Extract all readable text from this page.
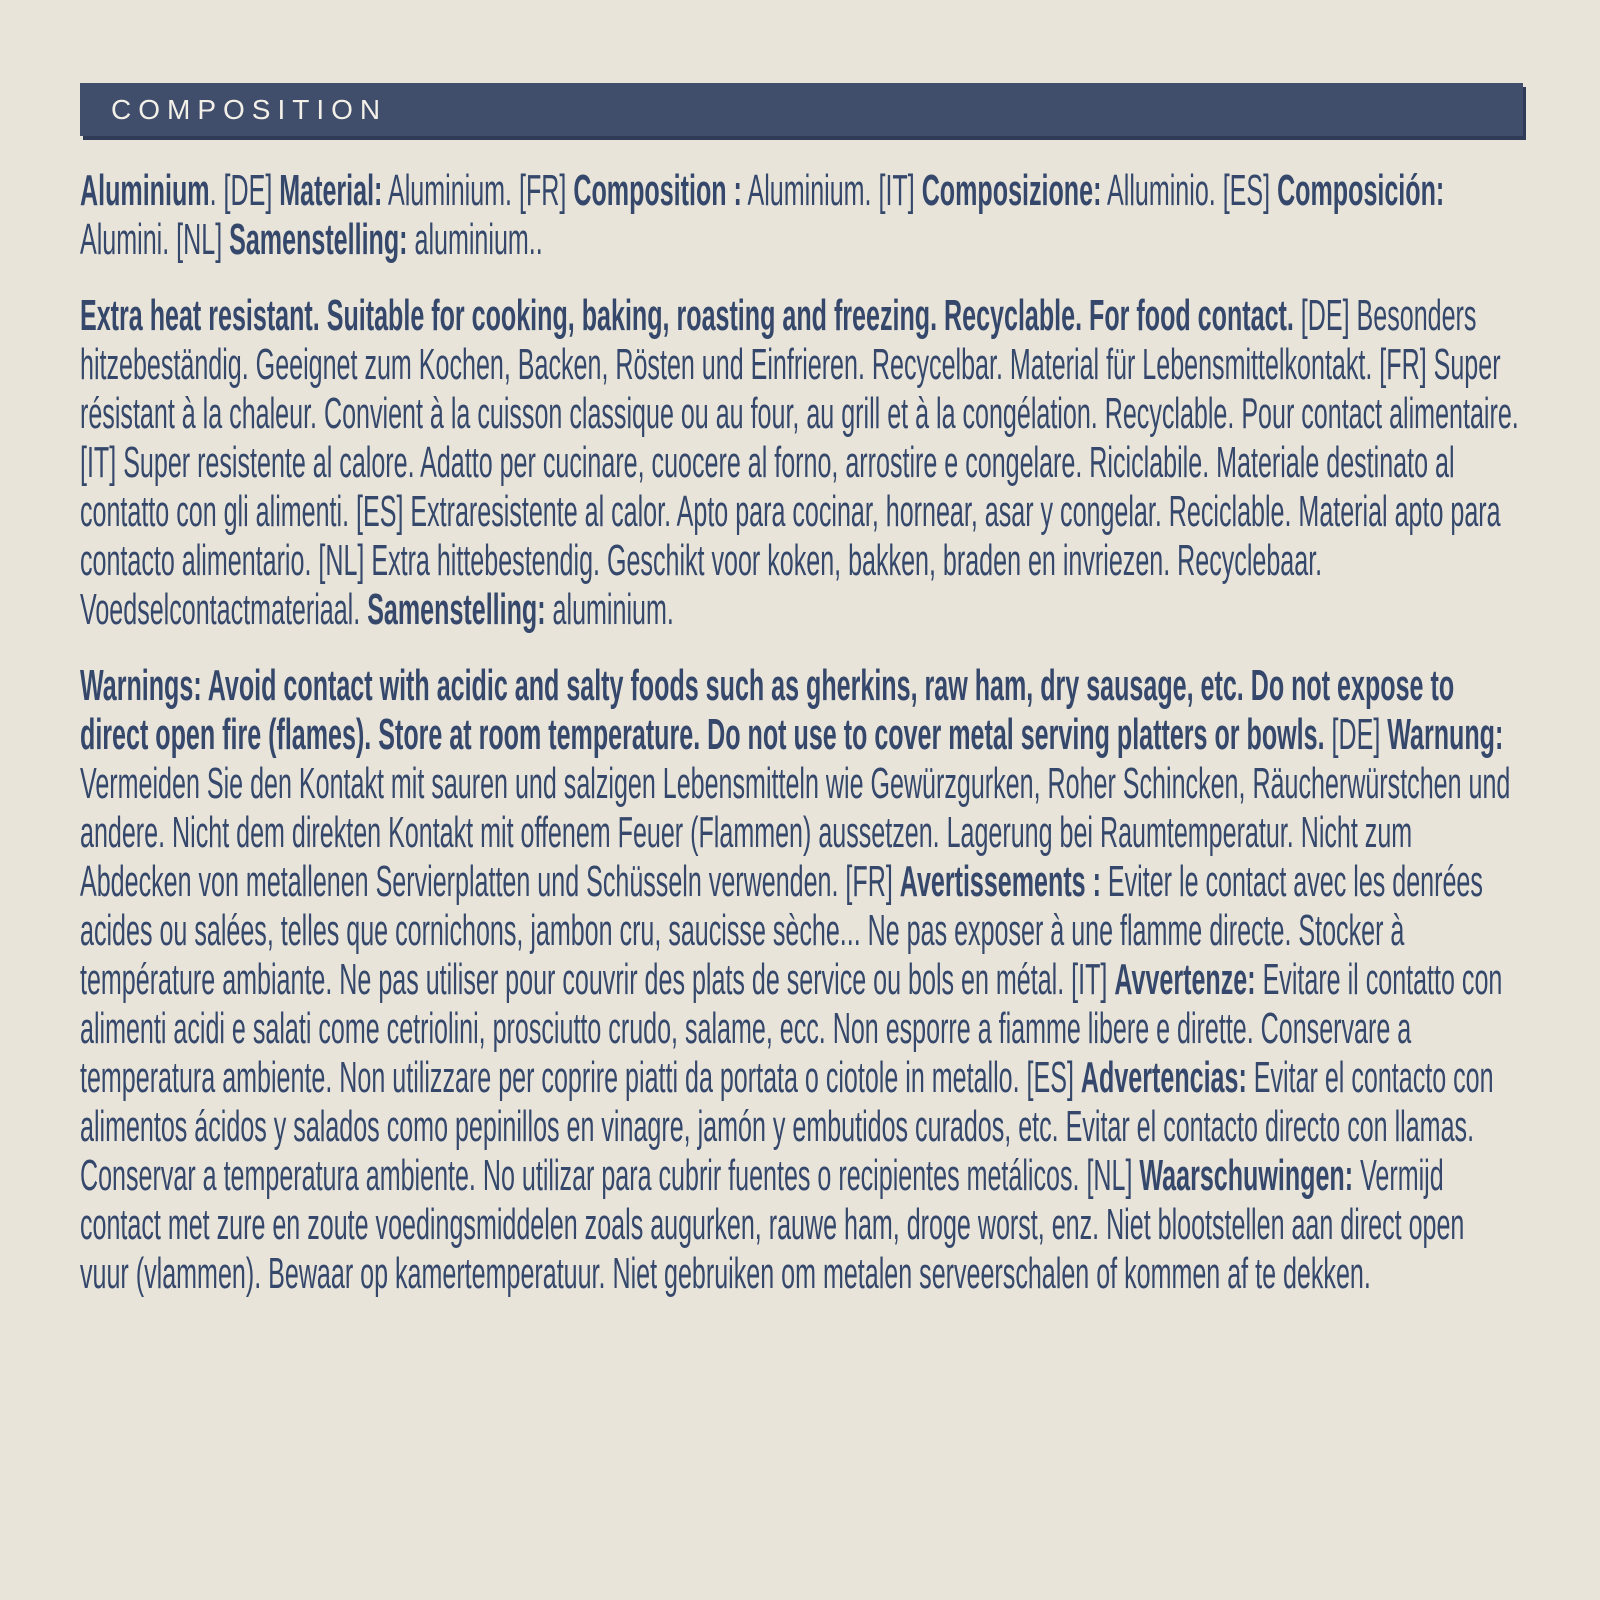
COMPOSITION
Aluminium. [DE] Material: Aluminium. [FR] Composition : Aluminium. [IT] Composizione: Alluminio. [ES] Composición: Alumini. [NL] Samenstelling: aluminium..
Extra heat resistant. Suitable for cooking, baking, roasting and freezing. Recyclable. For food contact. [DE] Besonders hitzebeständig. Geeignet zum Kochen, Backen, Rösten und Einfrieren. Recycelbar. Material für Lebensmittelkontakt. [FR] Super résistant à la chaleur. Convient à la cuisson classique ou au four, au grill et à la congélation. Recyclable. Pour contact alimentaire. [IT] Super resistente al calore. Adatto per cucinare, cuocere al forno, arrostire e congelare. Riciclabile. Materiale destinato al contatto con gli alimenti. [ES] Extraresistente al calor. Apto para cocinar, hornear, asar y congelar. Reciclable. Material apto para contacto alimentario. [NL] Extra hittebestendig. Geschikt voor koken, bakken, braden en invriezen. Recyclebaar. Voedselcontactmateriaal. Samenstelling: aluminium.
Warnings: Avoid contact with acidic and salty foods such as gherkins, raw ham, dry sausage, etc. Do not expose to direct open fire (flames). Store at room temperature. Do not use to cover metal serving platters or bowls. [DE] Warnung: Vermeiden Sie den Kontakt mit sauren und salzigen Lebensmitteln wie Gewürzgurken, Roher Schincken, Räucherwürstchen und andere. Nicht dem direkten Kontakt mit offenem Feuer (Flammen) aussetzen. Lagerung bei Raumtemperatur. Nicht zum Abdecken von metallenen Servierplatten und Schüsseln verwenden. [FR] Avertissements : Eviter le contact avec les denrées acides ou salées, telles que cornichons, jambon cru, saucisse sèche... Ne pas exposer à une flamme directe. Stocker à température ambiante. Ne pas utiliser pour couvrir des plats de service ou bols en métal. [IT] Avvertenze: Evitare il contatto con alimenti acidi e salati come cetriolini, prosciutto crudo, salame, ecc. Non esporre a fiamme libere e dirette. Conservare a temperatura ambiente. Non utilizzare per coprire piatti da portata o ciotole in metallo. [ES] Advertencias: Evitar el contacto con alimentos ácidos y salados como pepinillos en vinagre, jamón y embutidos curados, etc. Evitar el contacto directo con llamas. Conservar a temperatura ambiente. No utilizar para cubrir fuentes o recipientes metálicos. [NL] Waarschuwingen: Vermijd contact met zure en zoute voedingsmiddelen zoals augurken, rauwe ham, droge worst, enz. Niet blootstellen aan direct open vuur (vlammen). Bewaar op kamertemperatuur. Niet gebruiken om metalen serveerschalen of kommen af te dekken.
